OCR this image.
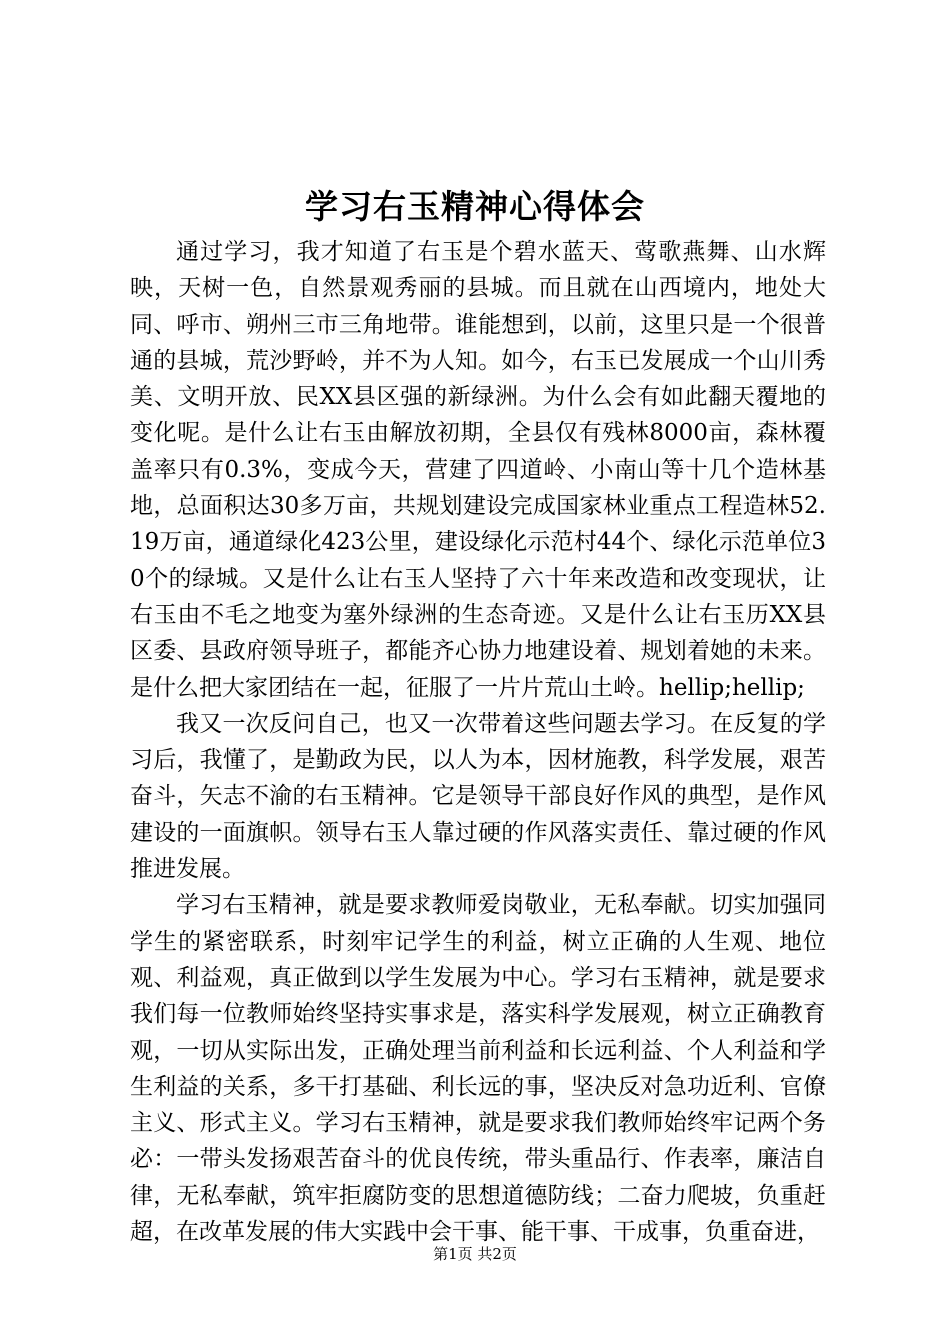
学习右玉精神心得体会

通过学习，我才知道了右玉是个碧水蓝天、莺歌燕舞、山水辉映，天树一色，自然景观秀丽的县城。而且就在山西境内，地处大同、呼市、朔州三市三角地带。谁能想到，以前，这里只是一个很普通的县城，荒沙野岭，并不为人知。如今，右玉已发展成一个山川秀美、文明开放、民XX县区强的新绿洲。为什么会有如此翻天覆地的变化呢。是什么让右玉由解放初期，全县仅有残林8000亩，森林覆盖率只有0.3%，变成今天，营建了四道岭、小南山等十几个造林基地，总面积达30多万亩，共规划建设完成国家林业重点工程造林52.19万亩，通道绿化423公里，建设绿化示范村44个、绿化示范单位30个的绿城。又是什么让右玉人坚持了六十年来改造和改变现状，让右玉由不毛之地变为塞外绿洲的生态奇迹。又是什么让右玉历XX县区委、县政府领导班子，都能齐心协力地建设着、规划着她的未来。是什么把大家团结在一起，征服了一片片荒山土岭。hellip;hellip;

我又一次反问自己，也又一次带着这些问题去学习。在反复的学习后，我懂了，是勤政为民，以人为本，因材施教，科学发展，艰苦奋斗，矢志不渝的右玉精神。它是领导干部良好作风的典型，是作风建设的一面旗帜。领导右玉人靠过硬的作风落实责任、靠过硬的作风推进发展。

学习右玉精神，就是要求教师爱岗敬业，无私奉献。切实加强同学生的紧密联系，时刻牢记学生的利益，树立正确的人生观、地位观、利益观，真正做到以学生发展为中心。学习右玉精神，就是要求我们每一位教师始终坚持实事求是，落实科学发展观，树立正确教育观，一切从实际出发，正确处理当前利益和长远利益、个人利益和学生利益的关系，多干打基础、利长远的事，坚决反对急功近利、官僚主义、形式主义。学习右玉精神，就是要求我们教师始终牢记两个务必：一带头发扬艰苦奋斗的优良传统，带头重品行、作表率，廉洁自律，无私奉献，筑牢拒腐防变的思想道德防线；二奋力爬坡，负重赶超，在改革发展的伟大实践中会干事、能干事、干成事，负重奋进，

第1页 共2页
